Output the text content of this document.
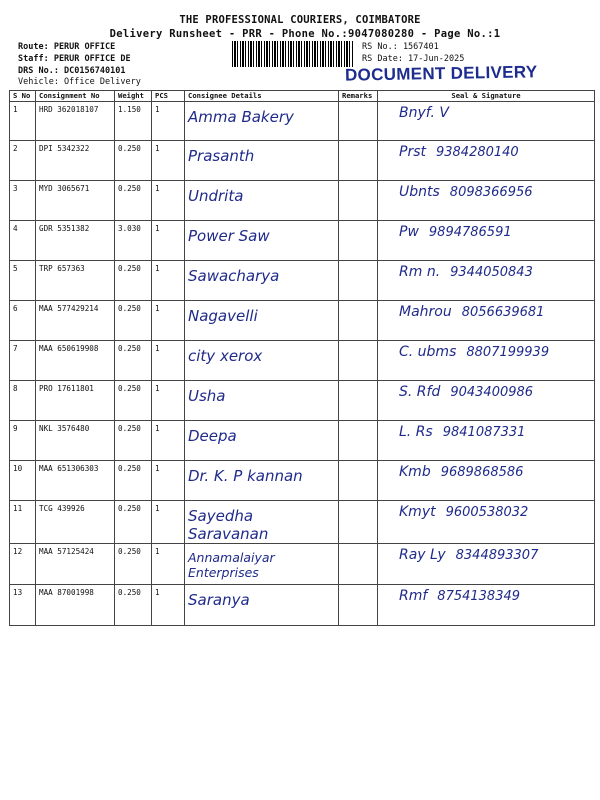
THE PROFESSIONAL COURIERS, COIMBATORE
Delivery Runsheet - PRR - Phone No.:9047080280 - Page No.:1
Route: PERUR OFFICE
Staff: PERUR OFFICE DE
DRS No.: DC0156740101
Vehicle: Office Delivery
RS No.: 1567401
RS Date: 17-Jun-2025
DOCUMENT DELIVERY
S No	Consignment No	Weight	PCS	Consignee Details	Remarks	Seal & Signature
1	HRD 362018107	1.150	1	Amma Bakery		Bnyf. V
2	DPI 5342322	0.250	1	Prasanth		Prst 9384280140
3	MYD 3065671	0.250	1	Undrita		Ubnts 8098366956
4	GDR 5351382	3.030	1	Power Saw		Pw 9894786591
5	TRP 657363	0.250	1	Sawacharya		Rm n. 9344050843
6	MAA 577429214	0.250	1	Nagavelli		Mahrou 8056639681
7	MAA 650619908	0.250	1	city xerox		C. ubms 8807199939
8	PRO 17611801	0.250	1	Usha		S. Rfd 9043400986
9	NKL 3576480	0.250	1	Deepa		L. Rs 9841087331
10	MAA 651306303	0.250	1	Dr. K. P kannan		Kmb 9689868586
11	TCG 439926	0.250	1	Sayedha Saravanan		Kmyt 9600538032
12	MAA 57125424	0.250	1	Annamalaiyar Enterprises		Ray Ly 8344893307
13	MAA 87001998	0.250	1	Saranya		Rmf 8754138349
